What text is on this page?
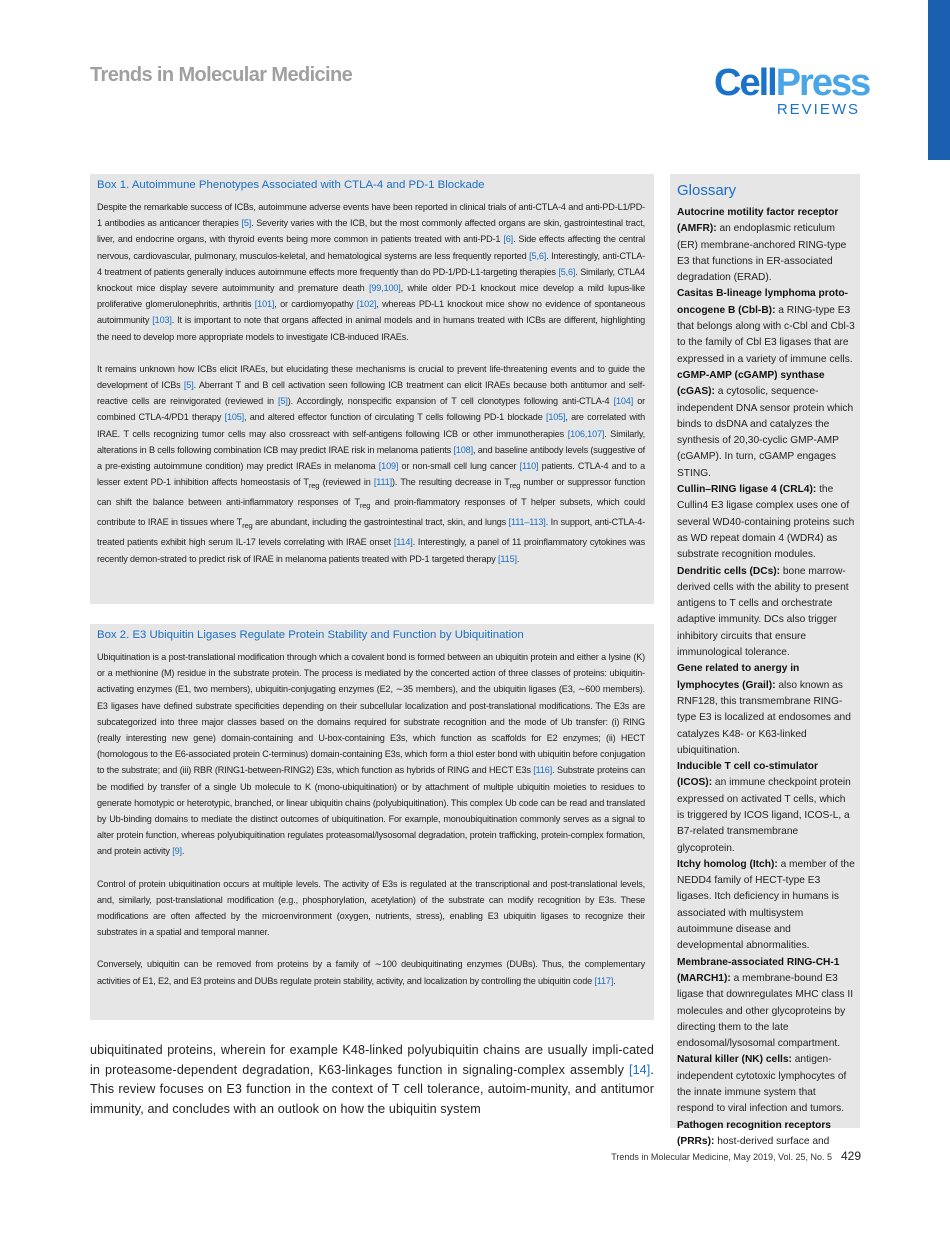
Trends in Molecular Medicine	CellPress
REVIEWS
Box 1. Autoimmune Phenotypes Associated with CTLA-4 and PD-1 Blockade

Despite the remarkable success of ICBs, autoimmune adverse events have been reported in clinical trials of anti-CTLA-4 and anti-PD-L1/PD-1 antibodies as anticancer therapies [5]. Severity varies with the ICB, but the most commonly affected organs are skin, gastrointestinal tract, liver, and endocrine organs, with thyroid events being more common in patients treated with anti-PD-1 [6]. Side effects affecting the central nervous, cardiovascular, pulmonary, musculos-keletal, and hematological systems are less frequently reported [5,6]. Interestingly, anti-CTLA-4 treatment of patients generally induces autoimmune effects more frequently than do PD-1/PD-L1-targeting therapies [5,6]. Similarly, CTLA4 knockout mice display severe autoimmunity and premature death [99,100], while older PD-1 knockout mice develop a mild lupus-like proliferative glomerulonephritis, arthritis [101], or cardiomyopathy [102], whereas PD-L1 knockout mice show no evidence of spontaneous autoimmunity [103]. It is important to note that organs affected in animal models and in humans treated with ICBs are different, highlighting the need to develop more appropriate models to investigate ICB-induced IRAEs.

It remains unknown how ICBs elicit IRAEs, but elucidating these mechanisms is crucial to prevent life-threatening events and to guide the development of ICBs [5]. Aberrant T and B cell activation seen following ICB treatment can elicit IRAEs because both antitumor and self-reactive cells are reinvigorated (reviewed in [5]). Accordingly, nonspecific expansion of T cell clonotypes following anti-CTLA-4 [104] or combined CTLA-4/PD1 therapy [105], and altered effector function of circulating T cells following PD-1 blockade [105], are correlated with IRAE. T cells recognizing tumor cells may also crossreact with self-antigens following ICB or other immunotherapies [106,107]. Similarly, alterations in B cells following combination ICB may predict IRAE risk in melanoma patients [108], and baseline antibody levels (suggestive of a pre-existing autoimmune condition) may predict IRAEs in melanoma [109] or non-small cell lung cancer [110] patients. CTLA-4 and to a lesser extent PD-1 inhibition affects homeostasis of $T_{reg}$ (reviewed in [111]). The resulting decrease in $T_{reg}$ number or suppressor function can shift the balance between anti-inflammatory responses of $T_{reg}$ and proin-flammatory responses of T helper subsets, which could contribute to IRAE in tissues where $T_{reg}$ are abundant, including the gastrointestinal tract, skin, and lungs [111–113]. In support, anti-CTLA-4-treated patients exhibit high serum IL-17 levels correlating with IRAE onset [114]. Interestingly, a panel of 11 proinflammatory cytokines was recently demon-strated to predict risk of IRAE in melanoma patients treated with PD-1 targeted therapy [115].

Box 2. E3 Ubiquitin Ligases Regulate Protein Stability and Function by Ubiquitination

Ubiquitination is a post-translational modification through which a covalent bond is formed between an ubiquitin protein and either a lysine (K) or a methionine (M) residue in the substrate protein. The process is mediated by the concerted action of three classes of proteins: ubiquitin-activating enzymes (E1, two members), ubiquitin-conjugating enzymes (E2, ∼35 members), and the ubiquitin ligases (E3, ∼600 members). E3 ligases have defined substrate specificities depending on their subcellular localization and post-translational modifications. The E3s are subcategorized into three major classes based on the domains required for substrate recognition and the mode of Ub transfer: (i) RING (really interesting new gene) domain-containing and U-box-containing E3s, which function as scaffolds for E2 enzymes; (ii) HECT (homologous to the E6-associated protein C-terminus) domain-containing E3s, which form a thiol ester bond with ubiquitin before conjugation to the substrate; and (iii) RBR (RING1-between-RING2) E3s, which function as hybrids of RING and HECT E3s [116]. Substrate proteins can be modified by transfer of a single Ub molecule to K (mono-ubiquitination) or by attachment of multiple ubiquitin moieties to residues to generate homotypic or heterotypic, branched, or linear ubiquitin chains (polyubiquitination). This complex Ub code can be read and translated by Ub-binding domains to mediate the distinct outcomes of ubiquitination. For example, monoubiquitination commonly serves as a signal to alter protein function, whereas polyubiquitination regulates proteasomal/lysosomal degradation, protein trafficking, protein-complex formation, and protein activity [9].

Control of protein ubiquitination occurs at multiple levels. The activity of E3s is regulated at the transcriptional and post-translational levels, and, similarly, post-translational modification (e.g., phosphorylation, acetylation) of the substrate can modify recognition by E3s. These modifications are often affected by the microenvironment (oxygen, nutrients, stress), enabling E3 ubiquitin ligases to recognize their substrates in a spatial and temporal manner.

Conversely, ubiquitin can be removed from proteins by a family of ∼100 deubiquitinating enzymes (DUBs). Thus, the complementary activities of E1, E2, and E3 proteins and DUBs regulate protein stability, activity, and localization by controlling the ubiquitin code [117].

Glossary
Autocrine motility factor receptor (AMFR): an endoplasmic reticulum (ER) membrane-anchored RING-type E3 that functions in ER-associated degradation (ERAD).
Casitas B-lineage lymphoma proto-oncogene B (Cbl-B): a RING-type E3 that belongs along with c-Cbl and Cbl-3 to the family of Cbl E3 ligases that are expressed in a variety of immune cells.
cGMP-AMP (cGAMP) synthase (cGAS): a cytosolic, sequence-independent DNA sensor protein which binds to dsDNA and catalyzes the synthesis of 20,30-cyclic GMP-AMP (cGAMP). In turn, cGAMP engages STING.
Cullin–RING ligase 4 (CRL4): the Cullin4 E3 ligase complex uses one of several WD40-containing proteins such as WD repeat domain 4 (WDR4) as substrate recognition modules.
Dendritic cells (DCs): bone marrow-derived cells with the ability to present antigens to T cells and orchestrate adaptive immunity. DCs also trigger inhibitory circuits that ensure immunological tolerance.
Gene related to anergy in lymphocytes (Grail): also known as RNF128, this transmembrane RING-type E3 is localized at endosomes and catalyzes K48- or K63-linked ubiquitination.
Inducible T cell co-stimulator (ICOS): an immune checkpoint protein expressed on activated T cells, which is triggered by ICOS ligand, ICOS-L, a B7-related transmembrane glycoprotein.
Itchy homolog (Itch): a member of the NEDD4 family of HECT-type E3 ligases. Itch deficiency in humans is associated with multisystem autoimmune disease and developmental abnormalities.
Membrane-associated RING-CH-1 (MARCH1): a membrane-bound E3 ligase that downregulates MHC class II molecules and other glycoproteins by directing them to the late endosomal/lysosomal compartment.
Natural killer (NK) cells: antigen-independent cytotoxic lymphocytes of the innate immune system that respond to viral infection and tumors.
Pathogen recognition receptors (PRRs): host-derived surface and
ubiquitinated proteins, wherein for example K48-linked polyubiquitin chains are usually impli-cated in proteasome-dependent degradation, K63-linkages function in signaling-complex assembly [14]. This review focuses on E3 function in the context of T cell tolerance, autoim-munity, and antitumor immunity, and concludes with an outlook on how the ubiquitin system
Trends in Molecular Medicine, May 2019, Vol. 25, No. 5 429
